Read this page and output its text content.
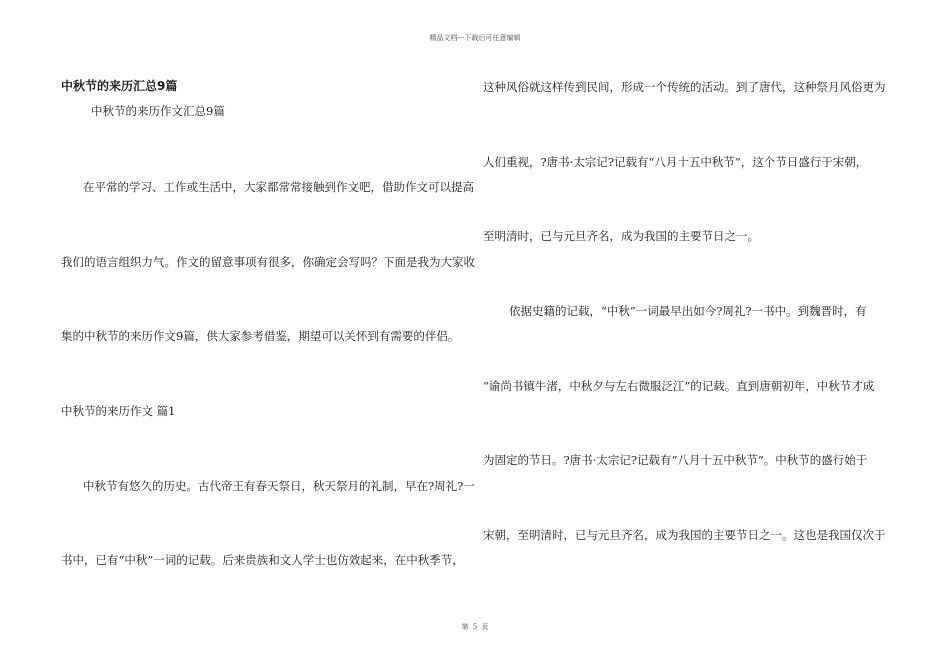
精品文档---下载后可任意编辑
中秋节的来历汇总9篇
中秋节的来历作文汇总9篇
在平常的学习、工作或生活中，大家都常常接触到作文吧，借助作文可以提高
我们的语言组织力气。作文的留意事项有很多，你确定会写吗？下面是我为大家收
集的中秋节的来历作文9篇，供大家参考借鉴，期望可以关怀到有需要的伴侣。
中秋节的来历作文 篇1
中秋节有悠久的历史。古代帝王有春天祭日，秋天祭月的礼制，早在?周礼?一
书中，已有“中秋”一词的记载。后来贵族和文人学士也仿效起来，在中秋季节，
这种风俗就这样传到民间，形成一个传统的活动。到了唐代，这种祭月风俗更为
人们重视，?唐书·太宗记?记载有“八月十五中秋节”，这个节日盛行于宋朝，
至明清时，已与元旦齐名，成为我国的主要节日之一。
依据史籍的记载，“中秋”一词最早出如今?周礼?一书中。到魏晋时，有
“谕尚书镇牛渚，中秋夕与左右微服泛江”的记载。直到唐朝初年，中秋节才成
为固定的节日。?唐书·太宗记?记载有“八月十五中秋节”。中秋节的盛行始于
宋朝，至明清时，已与元旦齐名，成为我国的主要节日之一。这也是我国仅次于
第 5 页
